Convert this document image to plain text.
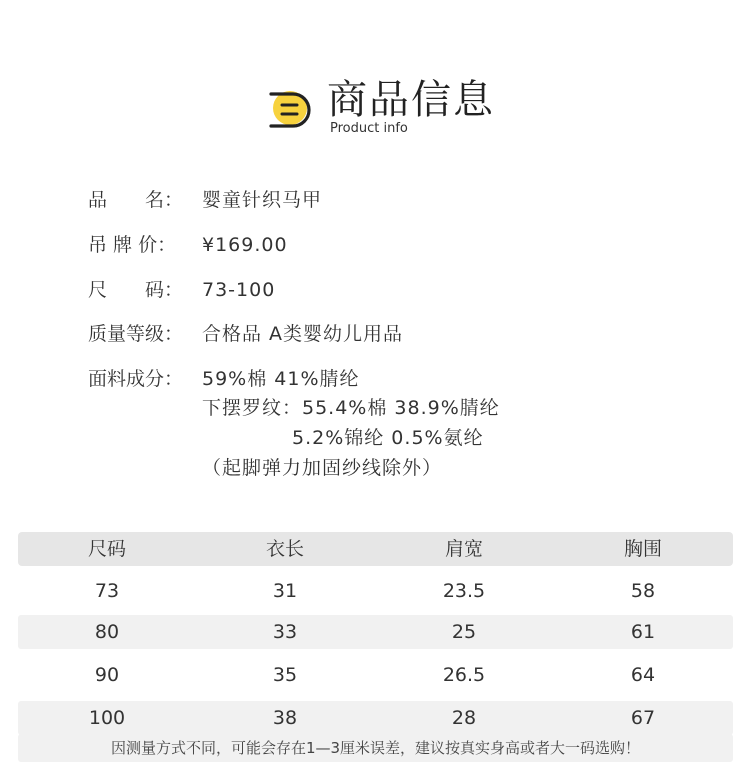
商品信息
Product info
品　　名： 婴童针织马甲
吊 牌 价： ¥169.00
尺　　码： 73-100
质量等级： 合格品 A类婴幼儿用品
面料成分： 59%棉 41%腈纶
下摆罗纹：55.4%棉 38.9%腈纶
5.2%锦纶 0.5%氨纶
（起脚弹力加固纱线除外）
尺码	衣长	肩宽	胸围
73	31	23.5	58
80	33	25	61
90	35	26.5	64
100	38	28	67
因测量方式不同，可能会存在1—3厘米误差，建议按真实身高或者大一码选购！
